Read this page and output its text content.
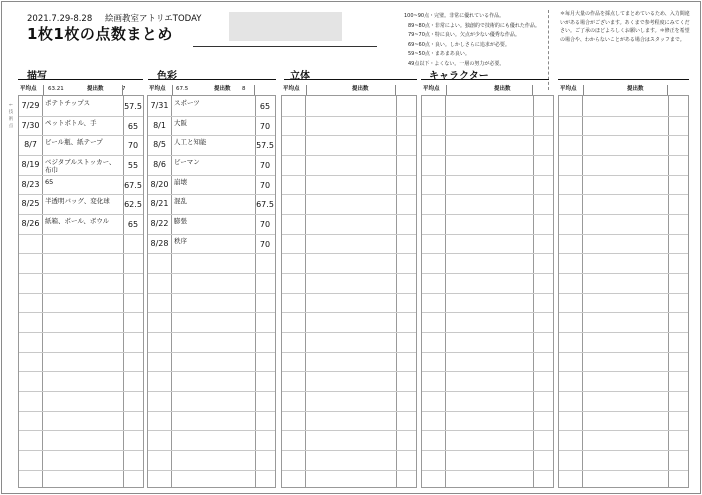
2021.7.29-8.28 絵画教室アトリエTODAY
1枚1枚の点数まとめ
100~90点・完璧。非常に優れている作品。
89~80点・非常によい。独創的で技術的にも優れた作品。
79~70点・特に良い。欠点が少ない優秀な作品。
69~60点・良い。しかしさらに追求が必要。
59~50点・まあまあ良い。
49点以下・よくない。一層の努力が必要。
＊毎月大量の作品を採点してまとめているため、入力間違いがある場合がございます。あくまで参考程度にみてください。ご了承のほどよろしくお願いします。＊修正を希望の場合や、わからないことがある場合はスタッフまで。
←技術点
描写
平均点 63.21	提出数	7
7/29 ポテトチップス	57.5
7/30 ペットボトル、手	65
8/7	ビール瓶、紙テープ	70
8/19 ベジタブルストッカー、布巾	55
8/23 65	67.5
8/25 半透明バッグ、変化球	62.5
8/26 紙箱、ボール、ボウル	65
色彩
平均点 67.5	提出数 8
7/31 スポーツ	65
8/1	大阪	70
8/5	人工と知能	57.5
8/6	ピーマン	70
8/20 崩壊	70
8/21 混乱	67.5
8/22 膨張	70
8/28 秩序	70
立体
平均点	提出数
キャラクター
平均点	提出数	平均点	提出数
